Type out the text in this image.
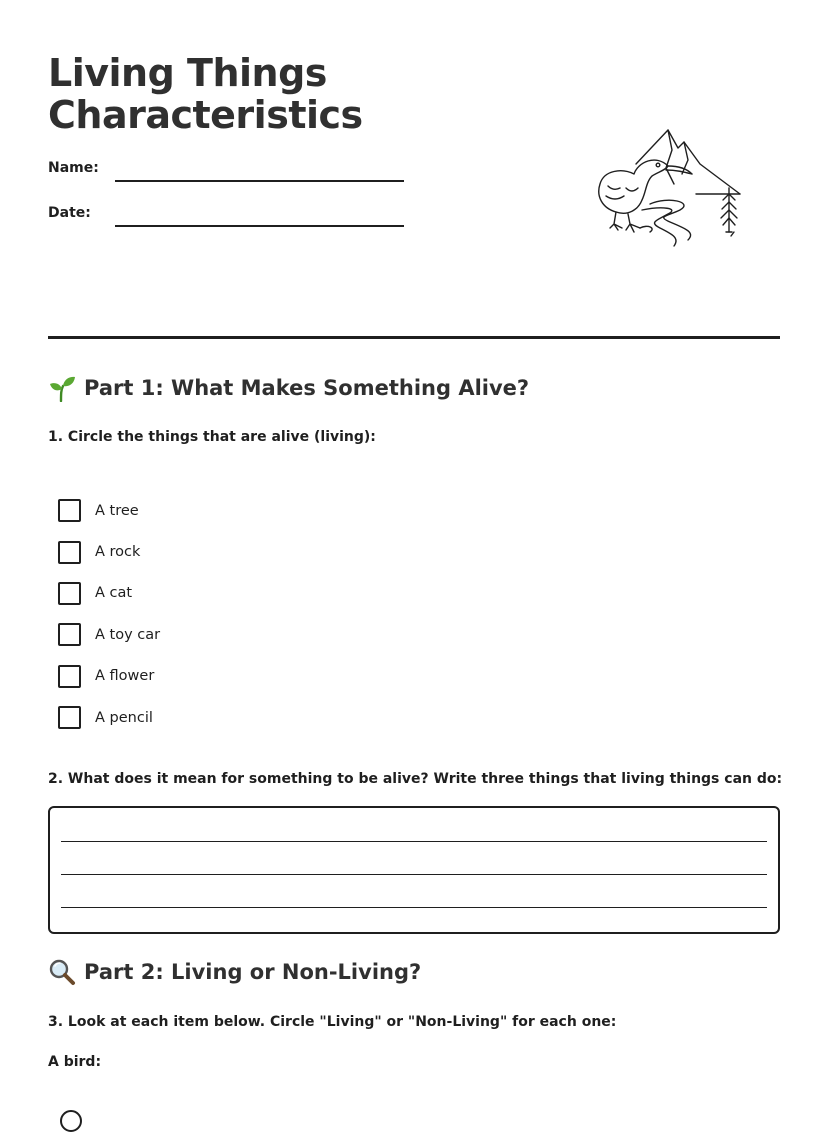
Living Things
Characteristics
Name:
Date:
Part 1: What Makes Something Alive?
1. Circle the things that are alive (living):
A tree
A rock
A cat
A toy car
A flower
A pencil
2. What does it mean for something to be alive? Write three things that living things can do:
Part 2: Living or Non-Living?
3. Look at each item below. Circle "Living" or "Non-Living" for each one:
A bird:
